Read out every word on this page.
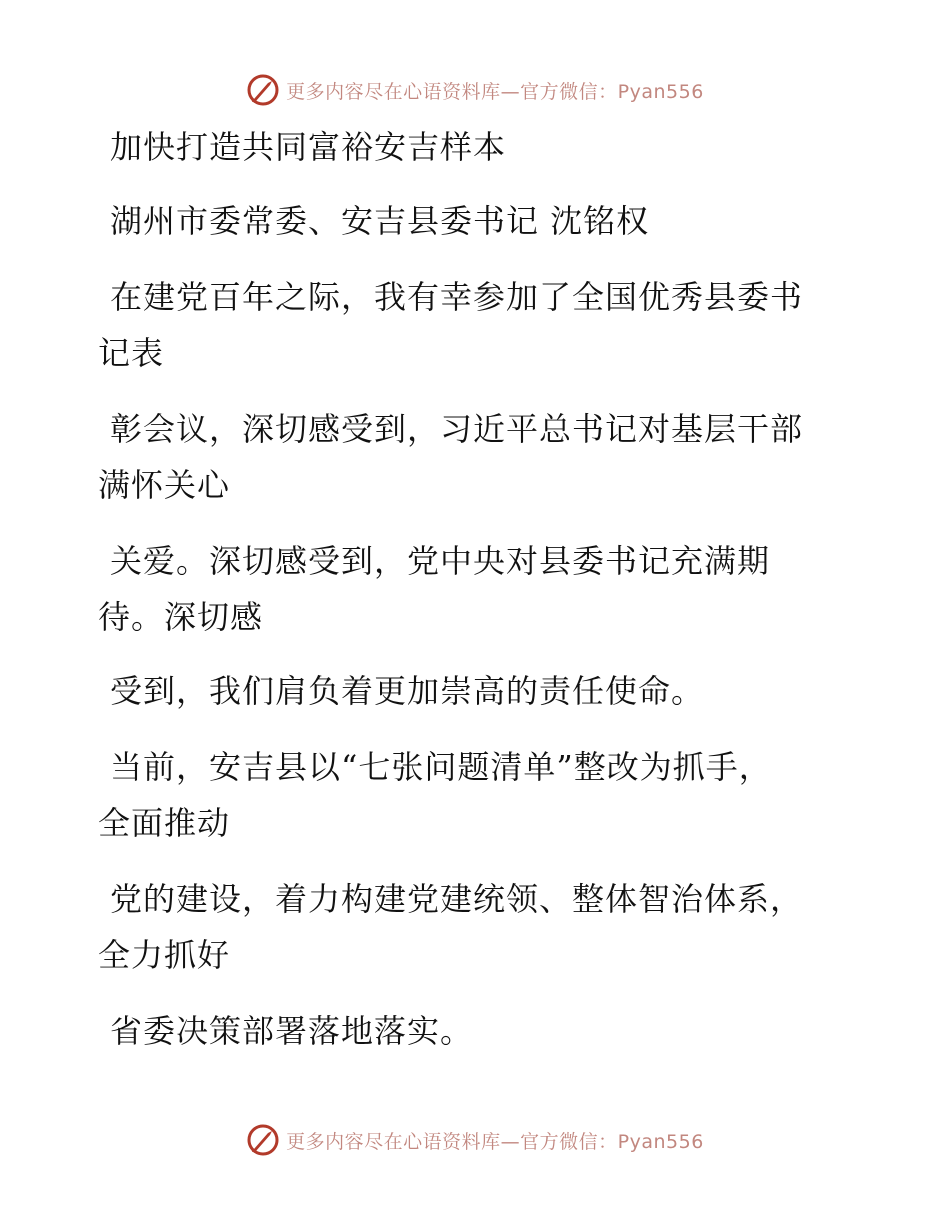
更多内容尽在心语资料库—官方微信：Pyan556

加快打造共同富裕安吉样本

湖州市委常委、安吉县委书记 沈铭权

在建党百年之际，我有幸参加了全国优秀县委书

记表

彰会议，深切感受到，习近平总书记对基层干部

满怀关心

关爱。深切感受到，党中央对县委书记充满期

待。深切感

受到，我们肩负着更加崇高的责任使命。

当前，安吉县以“七张问题清单”整改为抓手，

全面推动

党的建设，着力构建党建统领、整体智治体系，

全力抓好

省委决策部署落地落实。

更多内容尽在心语资料库—官方微信：Pyan556
